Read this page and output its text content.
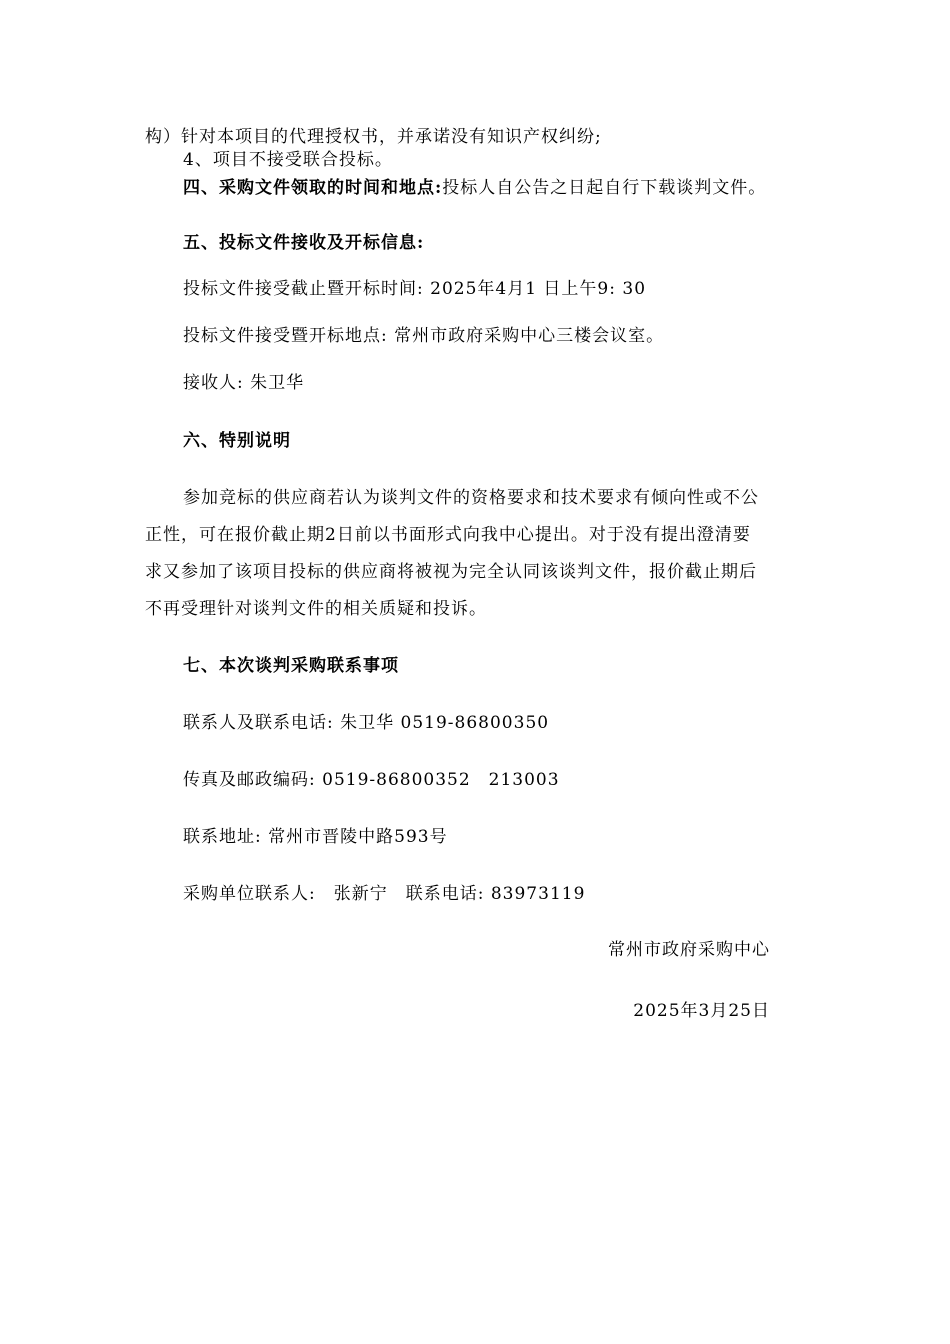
构）针对本项目的代理授权书，并承诺没有知识产权纠纷;
4、项目不接受联合投标。
四、采购文件领取的时间和地点:投标人自公告之日起自行下载谈判文件。
五、投标文件接收及开标信息:
投标文件接受截止暨开标时间: 2025年4月1 日上午9: 30
投标文件接受暨开标地点: 常州市政府采购中心三楼会议室。
接收人: 朱卫华
六、特别说明
参加竞标的供应商若认为谈判文件的资格要求和技术要求有倾向性或不公
正性，可在报价截止期2日前以书面形式向我中心提出。对于没有提出澄清要
求又参加了该项目投标的供应商将被视为完全认同该谈判文件，报价截止期后
不再受理针对谈判文件的相关质疑和投诉。
七、本次谈判采购联系事项
联系人及联系电话: 朱卫华 0519-86800350
传真及邮政编码: 0519-86800352　213003
联系地址: 常州市晋陵中路593号
采购单位联系人:　张新宁　联系电话: 83973119
常州市政府采购中心
2025年3月25日
